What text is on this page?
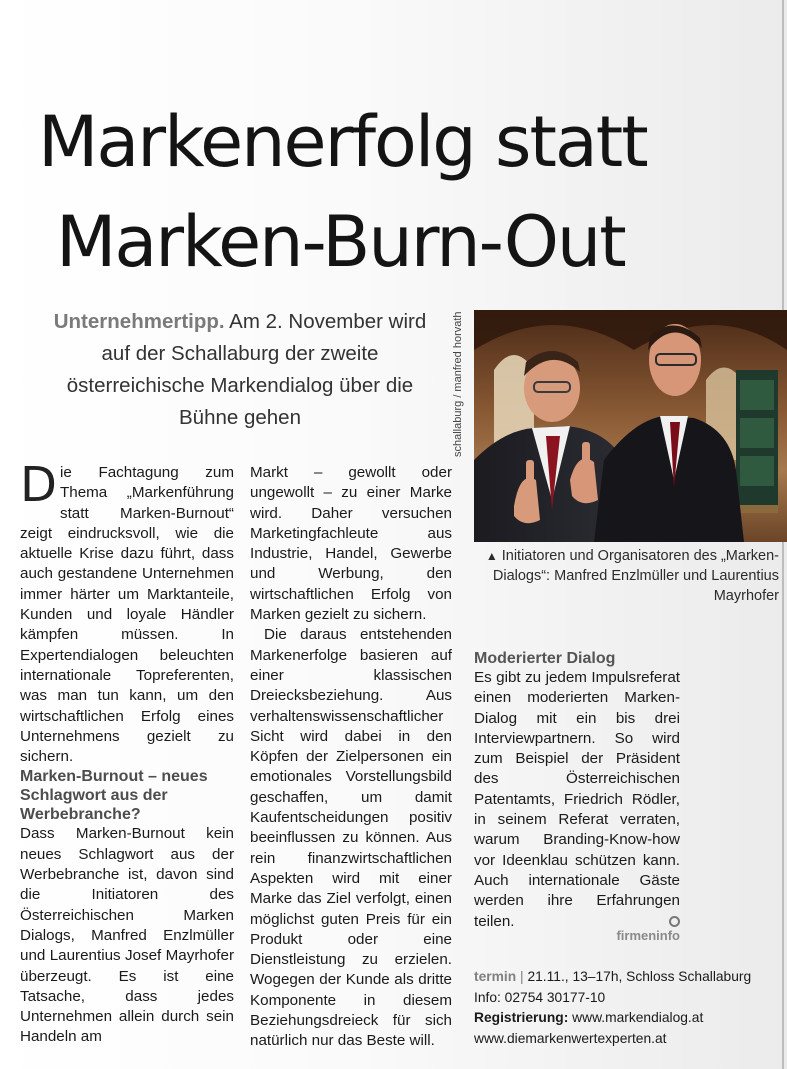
Markenerfolg statt
Marken-Burn-Out
Unternehmertipp. Am 2. November wird auf der Schallaburg der zweite österreichische Markendialog über die Bühne gehen	schallaburg / manfred horvath
▲ Initiatoren und Organisatoren des „Marken-Dialogs“: Manfred Enzlmüller und Laurentius Mayrhofer

Die Fachtagung zum Thema „Markenführung statt Marken-Burnout“ zeigt eindrucksvoll, wie die aktuelle Krise dazu führt, dass auch gestandene Unternehmen immer härter um Marktanteile, Kunden und loyale Händler kämpfen müssen. In Expertendialogen beleuchten internationale Topreferenten, was man tun kann, um den wirtschaftlichen Erfolg eines Unternehmens gezielt zu sichern.

Marken-Burnout – neues Schlagwort aus der Werbebranche?

Dass Marken-Burnout kein neues Schlagwort aus der Werbebranche ist, davon sind die Initiatoren des Österreichischen Marken Dialogs, Manfred Enzlmüller und Laurentius Josef Mayrhofer überzeugt. Es ist eine Tatsache, dass jedes Unternehmen allein durch sein Handeln am

Markt – gewollt oder ungewollt – zu einer Marke wird. Daher versuchen Marketingfachleute aus Industrie, Handel, Gewerbe und Werbung, den wirtschaftlichen Erfolg von Marken gezielt zu sichern.

Die daraus entstehenden Markenerfolge basieren auf einer klassischen Dreiecksbeziehung. Aus verhaltenswissenschaftlicher Sicht wird dabei in den Köpfen der Zielpersonen ein emotionales Vorstellungsbild geschaffen, um damit Kaufentscheidungen positiv beeinflussen zu können. Aus rein finanzwirtschaftlichen Aspekten wird mit einer Marke das Ziel verfolgt, einen möglichst guten Preis für ein Produkt oder eine Dienstleistung zu erzielen. Wogegen der Kunde als dritte Komponente in diesem Beziehungsdreieck für sich natürlich nur das Beste will.

Moderierter Dialog

Es gibt zu jedem Impulsreferat einen moderierten Marken-Dialog mit ein bis drei Interviewpartnern. So wird zum Beispiel der Präsident des Österreichischen Patentamts, Friedrich Rödler, in seinem Referat verraten, warum Branding-Know-how vor Ideenklau schützen kann. Auch internationale Gäste werden ihre Erfahrungen teilen.

firmeninfo
termin | 21.11., 13–17h, Schloss Schallaburg
Info: 02754 30177-10
Registrierung: www.markendialog.at
www.diemarkenwertexperten.at
